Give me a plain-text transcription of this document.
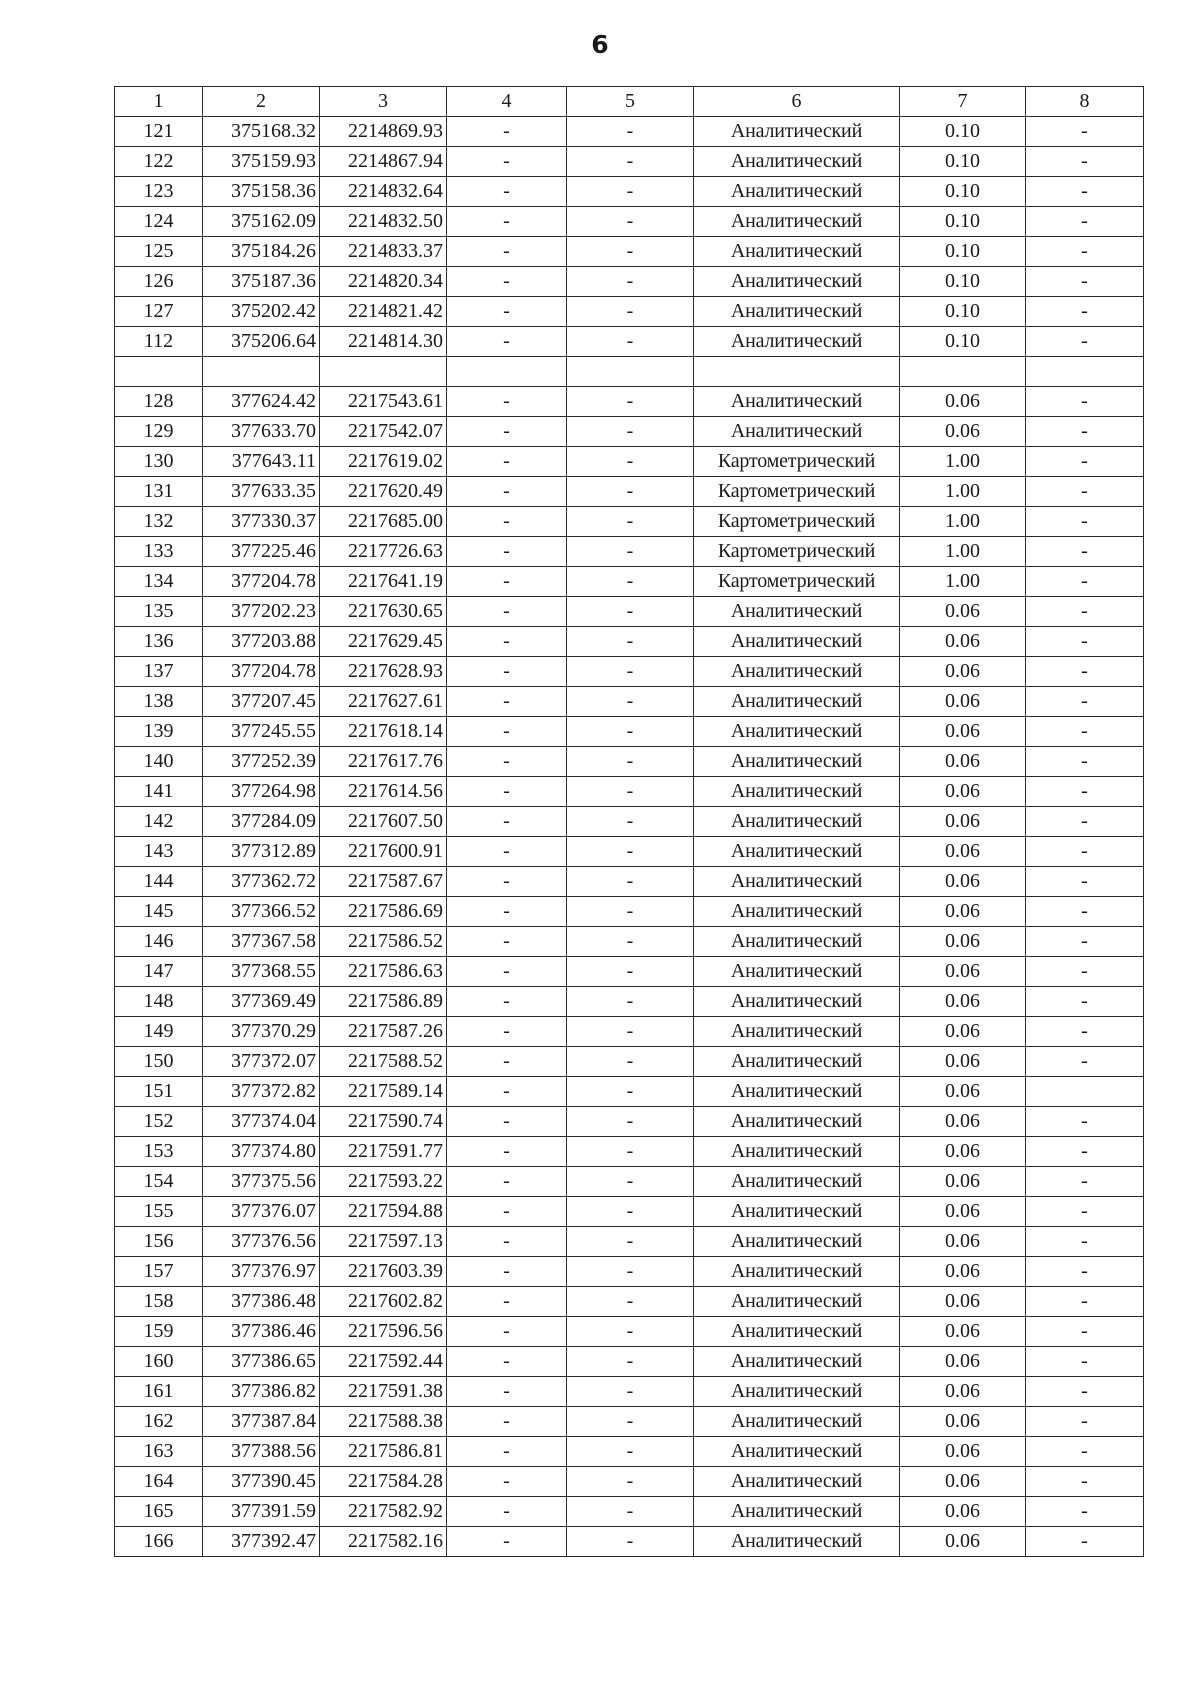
6
1	2	3	4	5	6	7	8
121	375168.32	2214869.93	-	-	Аналитический	0.10	-
122	375159.93	2214867.94	-	-	Аналитический	0.10	-
123	375158.36	2214832.64	-	-	Аналитический	0.10	-
124	375162.09	2214832.50	-	-	Аналитический	0.10	-
125	375184.26	2214833.37	-	-	Аналитический	0.10	-
126	375187.36	2214820.34	-	-	Аналитический	0.10	-
127	375202.42	2214821.42	-	-	Аналитический	0.10	-
112	375206.64	2214814.30	-	-	Аналитический	0.10	-

128	377624.42	2217543.61	-	-	Аналитический	0.06	-
129	377633.70	2217542.07	-	-	Аналитический	0.06	-
130	377643.11	2217619.02	-	-	Картометрический	1.00	-
131	377633.35	2217620.49	-	-	Картометрический	1.00	-
132	377330.37	2217685.00	-	-	Картометрический	1.00	-
133	377225.46	2217726.63	-	-	Картометрический	1.00	-
134	377204.78	2217641.19	-	-	Картометрический	1.00	-
135	377202.23	2217630.65	-	-	Аналитический	0.06	-
136	377203.88	2217629.45	-	-	Аналитический	0.06	-
137	377204.78	2217628.93	-	-	Аналитический	0.06	-
138	377207.45	2217627.61	-	-	Аналитический	0.06	-
139	377245.55	2217618.14	-	-	Аналитический	0.06	-
140	377252.39	2217617.76	-	-	Аналитический	0.06	-
141	377264.98	2217614.56	-	-	Аналитический	0.06	-
142	377284.09	2217607.50	-	-	Аналитический	0.06	-
143	377312.89	2217600.91	-	-	Аналитический	0.06	-
144	377362.72	2217587.67	-	-	Аналитический	0.06	-
145	377366.52	2217586.69	-	-	Аналитический	0.06	-
146	377367.58	2217586.52	-	-	Аналитический	0.06	-
147	377368.55	2217586.63	-	-	Аналитический	0.06	-
148	377369.49	2217586.89	-	-	Аналитический	0.06	-
149	377370.29	2217587.26	-	-	Аналитический	0.06	-
150	377372.07	2217588.52	-	-	Аналитический	0.06	-
151	377372.82	2217589.14	-	-	Аналитический	0.06	
152	377374.04	2217590.74	-	-	Аналитический	0.06	-
153	377374.80	2217591.77	-	-	Аналитический	0.06	-
154	377375.56	2217593.22	-	-	Аналитический	0.06	-
155	377376.07	2217594.88	-	-	Аналитический	0.06	-
156	377376.56	2217597.13	-	-	Аналитический	0.06	-
157	377376.97	2217603.39	-	-	Аналитический	0.06	-
158	377386.48	2217602.82	-	-	Аналитический	0.06	-
159	377386.46	2217596.56	-	-	Аналитический	0.06	-
160	377386.65	2217592.44	-	-	Аналитический	0.06	-
161	377386.82	2217591.38	-	-	Аналитический	0.06	-
162	377387.84	2217588.38	-	-	Аналитический	0.06	-
163	377388.56	2217586.81	-	-	Аналитический	0.06	-
164	377390.45	2217584.28	-	-	Аналитический	0.06	-
165	377391.59	2217582.92	-	-	Аналитический	0.06	-
166	377392.47	2217582.16	-	-	Аналитический	0.06	-
